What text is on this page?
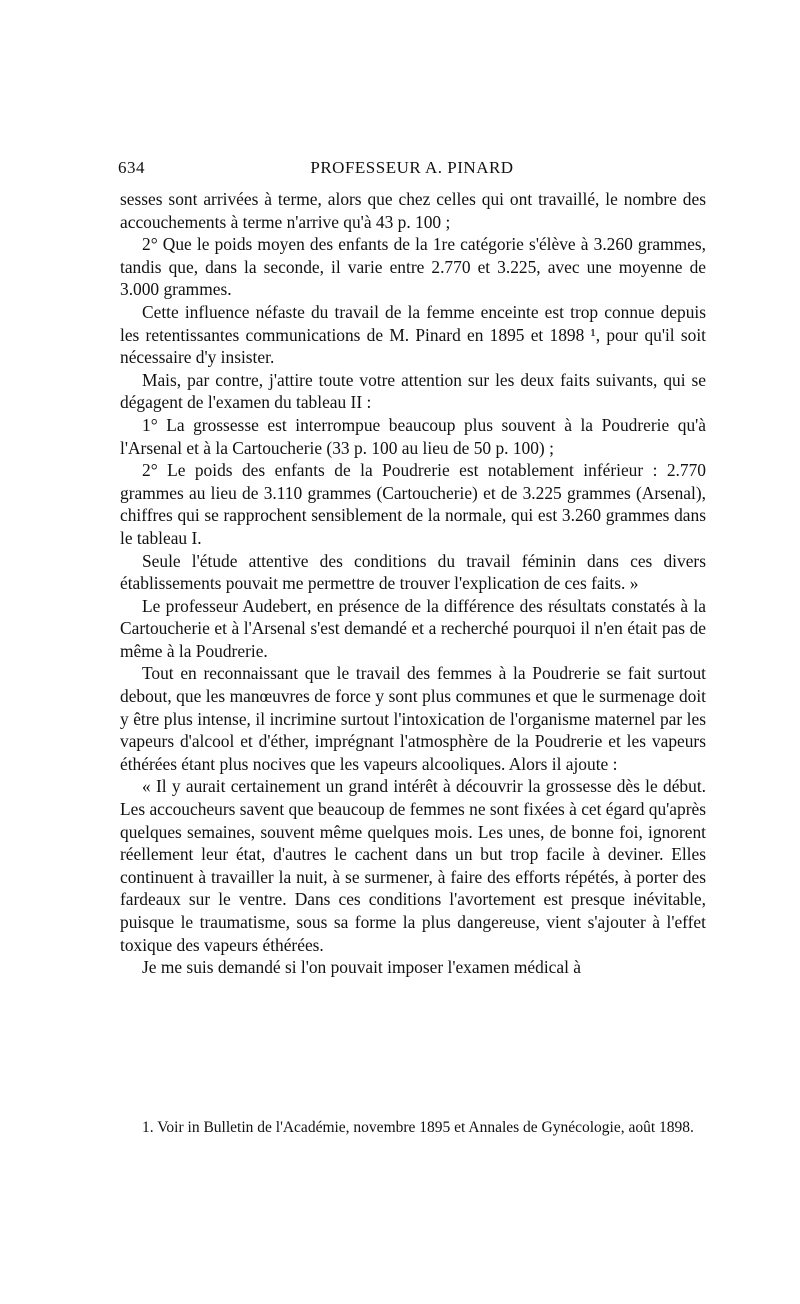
634	PROFESSEUR A. PINARD

sesses sont arrivées à terme, alors que chez celles qui ont travaillé, le nombre des accouchements à terme n'arrive qu'à 43 p. 100 ;

2° Que le poids moyen des enfants de la 1re catégorie s'élève à 3.260 grammes, tandis que, dans la seconde, il varie entre 2.770 et 3.225, avec une moyenne de 3.000 grammes.

Cette influence néfaste du travail de la femme enceinte est trop connue depuis les retentissantes communications de M. Pinard en 1895 et 1898 ¹, pour qu'il soit nécessaire d'y insister.

Mais, par contre, j'attire toute votre attention sur les deux faits suivants, qui se dégagent de l'examen du tableau II :

1° La grossesse est interrompue beaucoup plus souvent à la Poudrerie qu'à l'Arsenal et à la Cartoucherie (33 p. 100 au lieu de 50 p. 100) ;

2° Le poids des enfants de la Poudrerie est notablement inférieur : 2.770 grammes au lieu de 3.110 grammes (Cartoucherie) et de 3.225 grammes (Arsenal), chiffres qui se rapprochent sensiblement de la normale, qui est 3.260 grammes dans le tableau I.

Seule l'étude attentive des conditions du travail féminin dans ces divers établissements pouvait me permettre de trouver l'explication de ces faits. »

Le professeur Audebert, en présence de la différence des résultats constatés à la Cartoucherie et à l'Arsenal s'est demandé et a recherché pourquoi il n'en était pas de même à la Poudrerie.

Tout en reconnaissant que le travail des femmes à la Poudrerie se fait surtout debout, que les manœuvres de force y sont plus communes et que le surmenage doit y être plus intense, il incrimine surtout l'intoxication de l'organisme maternel par les vapeurs d'alcool et d'éther, imprégnant l'atmosphère de la Poudrerie et les vapeurs éthérées étant plus nocives que les vapeurs alcooliques. Alors il ajoute :

« Il y aurait certainement un grand intérêt à découvrir la grossesse dès le début. Les accoucheurs savent que beaucoup de femmes ne sont fixées à cet égard qu'après quelques semaines, souvent même quelques mois. Les unes, de bonne foi, ignorent réellement leur état, d'autres le cachent dans un but trop facile à deviner. Elles continuent à travailler la nuit, à se surmener, à faire des efforts répétés, à porter des fardeaux sur le ventre. Dans ces conditions l'avortement est presque inévitable, puisque le traumatisme, sous sa forme la plus dangereuse, vient s'ajouter à l'effet toxique des vapeurs éthérées.

Je me suis demandé si l'on pouvait imposer l'examen médical à

1. Voir in Bulletin de l'Académie, novembre 1895 et Annales de Gynécologie, août 1898.
